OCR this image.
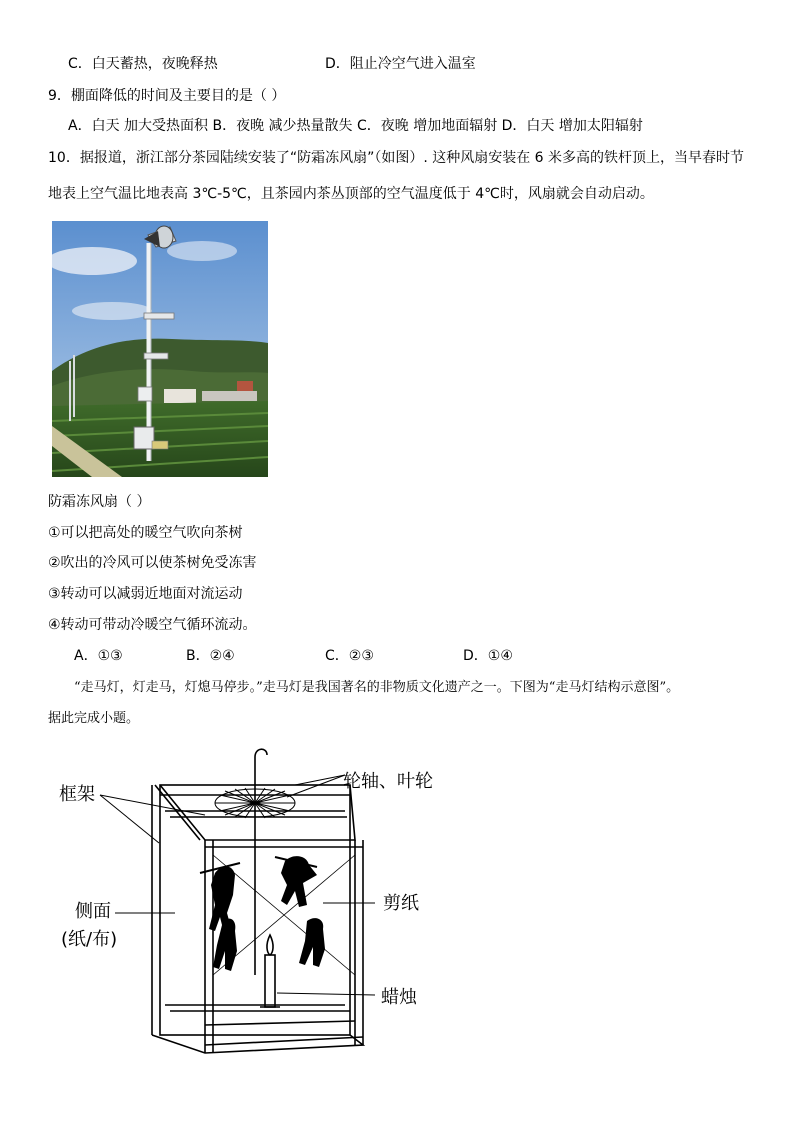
C．白天蓄热，夜晚释热	D．阻止冷空气进入温室
9．棚面降低的时间及主要目的是（ ）
A．白天 加大受热面积 B．夜晚 减少热量散失 C．夜晚 增加地面辐射 D．白天 增加太阳辐射
10．据报道，浙江部分茶园陆续安装了“防霜冻风扇”（如图）. 这种风扇安装在 6 米多高的铁杆顶上，当早春时节
地表上空气温比地表高 3℃-5℃，且茶园内茶丛顶部的空气温度低于 4℃时，风扇就会自动启动。
防霜冻风扇（ ）
①可以把高处的暖空气吹向茶树
②吹出的冷风可以使茶树免受冻害
③转动可以减弱近地面对流运动
④转动可带动冷暖空气循环流动。
A．①③	B．②④	C．②③	D．①④
“走马灯，灯走马，灯熄马停步。”走马灯是我国著名的非物质文化遗产之一。下图为“走马灯结构示意图”。
据此完成小题。
框架
轮轴、叶轮
侧面
(纸/布)
剪纸
蜡烛
